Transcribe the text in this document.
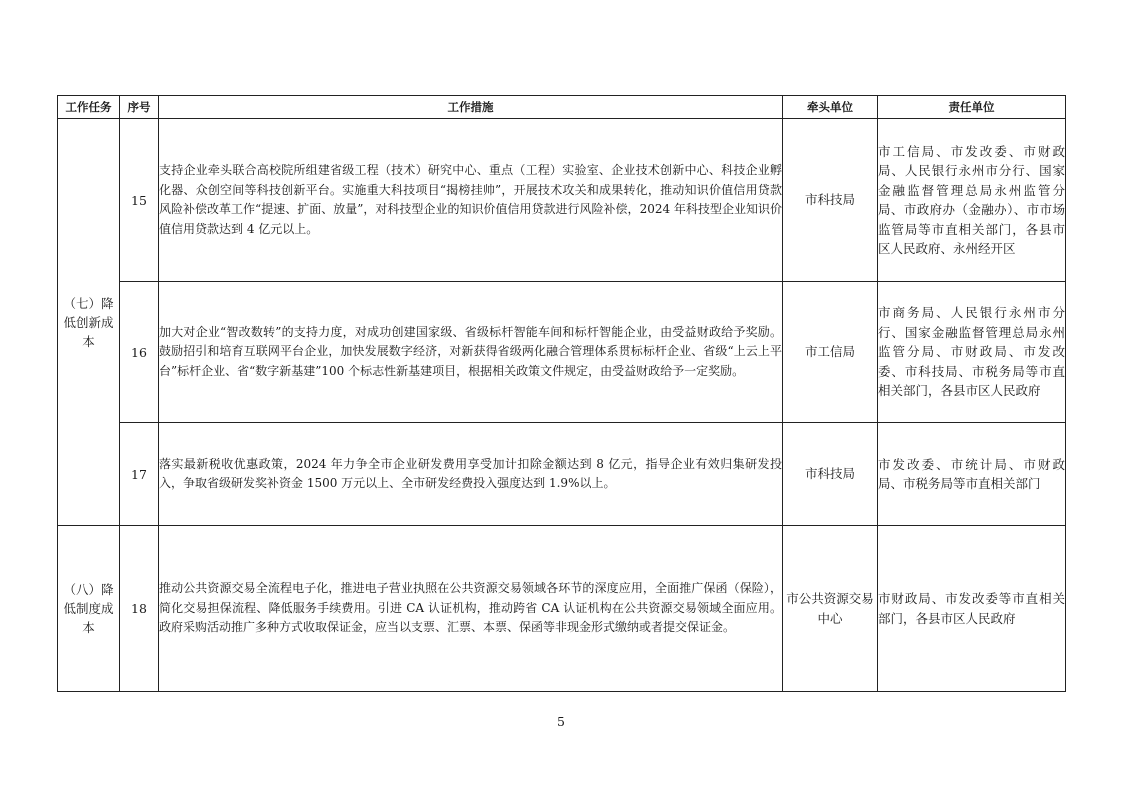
工作任务	序号	工作措施	牵头单位	责任单位
（七）降低创新成本	15	支持企业牵头联合高校院所组建省级工程（技术）研究中心、重点（工程）实验室、企业技术创新中心、科技企业孵化器、众创空间等科技创新平台。实施重大科技项目“揭榜挂帅”，开展技术攻关和成果转化，推动知识价值信用贷款风险补偿改革工作“提速、扩面、放量”，对科技型企业的知识价值信用贷款进行风险补偿，2024 年科技型企业知识价值信用贷款达到 4 亿元以上。	市科技局	市工信局、市发改委、市财政局、人民银行永州市分行、国家金融监督管理总局永州监管分局、市政府办（金融办）、市市场监管局等市直相关部门，各县市区人民政府、永州经开区
	16	加大对企业“智改数转”的支持力度，对成功创建国家级、省级标杆智能车间和标杆智能企业，由受益财政给予奖励。鼓励招引和培育互联网平台企业，加快发展数字经济，对新获得省级两化融合管理体系贯标标杆企业、省级“上云上平台”标杆企业、省“数字新基建”100 个标志性新基建项目，根据相关政策文件规定，由受益财政给予一定奖励。	市工信局	市商务局、人民银行永州市分行、国家金融监督管理总局永州监管分局、市财政局、市发改委、市科技局、市税务局等市直相关部门，各县市区人民政府
	17	落实最新税收优惠政策，2024 年力争全市企业研发费用享受加计扣除金额达到 8 亿元，指导企业有效归集研发投入，争取省级研发奖补资金 1500 万元以上、全市研发经费投入强度达到 1.9%以上。	市科技局	市发改委、市统计局、市财政局、市税务局等市直相关部门
（八）降低制度成本	18	推动公共资源交易全流程电子化，推进电子营业执照在公共资源交易领域各环节的深度应用，全面推广保函（保险），简化交易担保流程、降低服务手续费用。引进 CA 认证机构，推动跨省 CA 认证机构在公共资源交易领域全面应用。政府采购活动推广多种方式收取保证金，应当以支票、汇票、本票、保函等非现金形式缴纳或者提交保证金。	市公共资源交易中心	市财政局、市发改委等市直相关部门，各县市区人民政府
5
